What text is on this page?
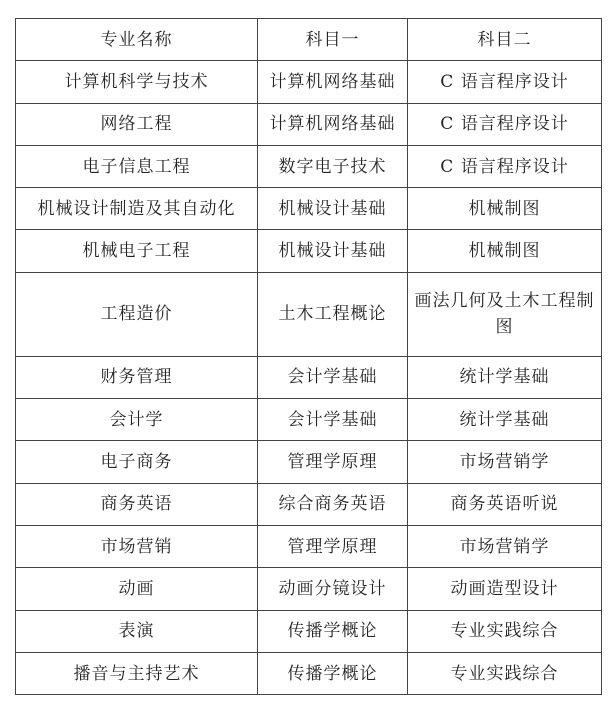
专业名称	科目一	科目二
计算机科学与技术	计算机网络基础	C 语言程序设计
网络工程	计算机网络基础	C 语言程序设计
电子信息工程	数字电子技术	C 语言程序设计
机械设计制造及其自动化	机械设计基础	机械制图
机械电子工程	机械设计基础	机械制图
工程造价	土木工程概论	画法几何及土木工程制图
财务管理	会计学基础	统计学基础
会计学	会计学基础	统计学基础
电子商务	管理学原理	市场营销学
商务英语	综合商务英语	商务英语听说
市场营销	管理学原理	市场营销学
动画	动画分镜设计	动画造型设计
表演	传播学概论	专业实践综合
播音与主持艺术	传播学概论	专业实践综合
